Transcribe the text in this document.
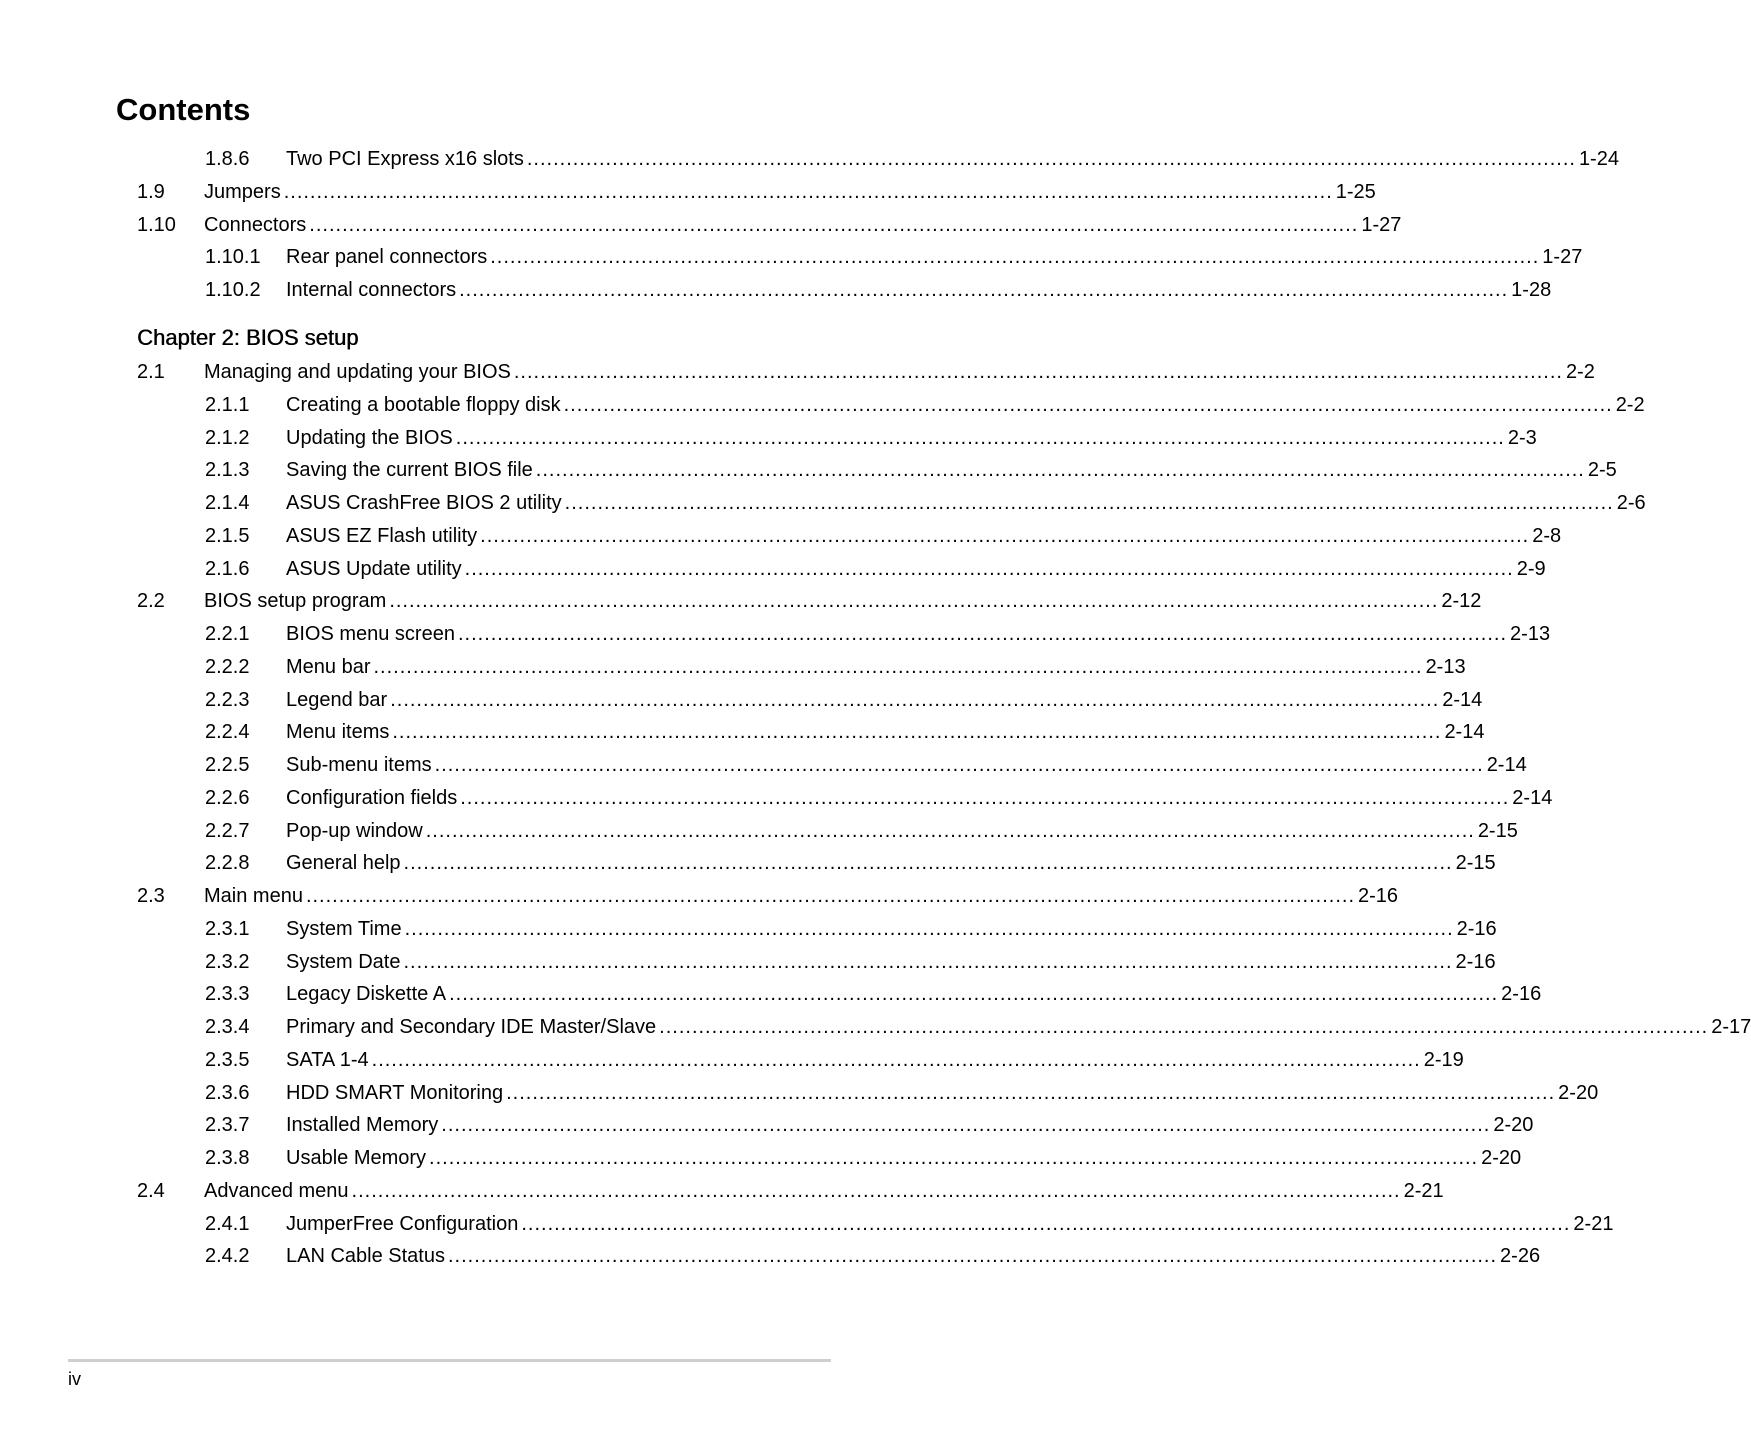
Contents
1.8.6 Two PCI Express x16 slots ................................................................................................................................................................ 1-24
1.9 Jumpers ................................................................................................................................................................ 1-25
1.10 Connectors ................................................................................................................................................................ 1-27
1.10.1 Rear panel connectors ................................................................................................................................................................ 1-27
1.10.2 Internal connectors ................................................................................................................................................................ 1-28
Chapter 2: BIOS setup
2.1 Managing and updating your BIOS ................................................................................................................................................................ 2-2
2.1.1 Creating a bootable floppy disk ................................................................................................................................................................ 2-2
2.1.2 Updating the BIOS ................................................................................................................................................................ 2-3
2.1.3 Saving the current BIOS file ................................................................................................................................................................ 2-5
2.1.4 ASUS CrashFree BIOS 2 utility ................................................................................................................................................................ 2-6
2.1.5 ASUS EZ Flash utility ................................................................................................................................................................ 2-8
2.1.6 ASUS Update utility ................................................................................................................................................................ 2-9
2.2 BIOS setup program ................................................................................................................................................................ 2-12
2.2.1 BIOS menu screen ................................................................................................................................................................ 2-13
2.2.2 Menu bar ................................................................................................................................................................ 2-13
2.2.3 Legend bar ................................................................................................................................................................ 2-14
2.2.4 Menu items ................................................................................................................................................................ 2-14
2.2.5 Sub-menu items ................................................................................................................................................................ 2-14
2.2.6 Configuration fields ................................................................................................................................................................ 2-14
2.2.7 Pop-up window ................................................................................................................................................................ 2-15
2.2.8 General help ................................................................................................................................................................ 2-15
2.3 Main menu ................................................................................................................................................................ 2-16
2.3.1 System Time ................................................................................................................................................................ 2-16
2.3.2 System Date ................................................................................................................................................................ 2-16
2.3.3 Legacy Diskette A ................................................................................................................................................................ 2-16
2.3.4 Primary and Secondary IDE Master/Slave ................................................................................................................................................................ 2-17
2.3.5 SATA 1-4 ................................................................................................................................................................ 2-19
2.3.6 HDD SMART Monitoring ................................................................................................................................................................ 2-20
2.3.7 Installed Memory ................................................................................................................................................................ 2-20
2.3.8 Usable Memory ................................................................................................................................................................ 2-20
2.4 Advanced menu ................................................................................................................................................................ 2-21
2.4.1 JumperFree Configuration ................................................................................................................................................................ 2-21
2.4.2 LAN Cable Status ................................................................................................................................................................ 2-26
iv
